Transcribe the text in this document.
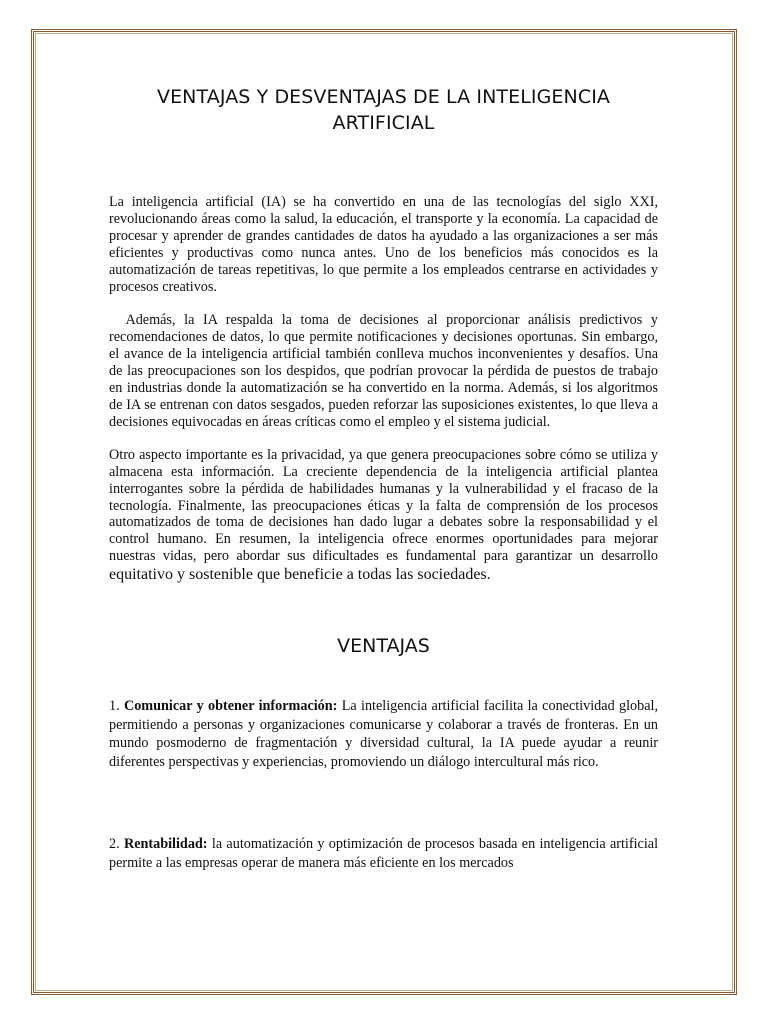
VENTAJAS Y DESVENTAJAS DE LA INTELIGENCIA
ARTIFICIAL

La inteligencia artificial (IA) se ha convertido en una de las tecnologías del siglo XXI, revolucionando áreas como la salud, la educación, el transporte y la economía. La capacidad de procesar y aprender de grandes cantidades de datos ha ayudado a las organizaciones a ser más eficientes y productivas como nunca antes. Uno de los beneficios más conocidos es la automatización de tareas repetitivas, lo que permite a los empleados centrarse en actividades y procesos creativos.

Además, la IA respalda la toma de decisiones al proporcionar análisis predictivos y recomendaciones de datos, lo que permite notificaciones y decisiones oportunas. Sin embargo, el avance de la inteligencia artificial también conlleva muchos inconvenientes y desafíos. Una de las preocupaciones son los despidos, que podrían provocar la pérdida de puestos de trabajo en industrias donde la automatización se ha convertido en la norma. Además, si los algoritmos de IA se entrenan con datos sesgados, pueden reforzar las suposiciones existentes, lo que lleva a decisiones equivocadas en áreas críticas como el empleo y el sistema judicial.

Otro aspecto importante es la privacidad, ya que genera preocupaciones sobre cómo se utiliza y almacena esta información. La creciente dependencia de la inteligencia artificial plantea interrogantes sobre la pérdida de habilidades humanas y la vulnerabilidad y el fracaso de la tecnología. Finalmente, las preocupaciones éticas y la falta de comprensión de los procesos automatizados de toma de decisiones han dado lugar a debates sobre la responsabilidad y el control humano. En resumen, la inteligencia ofrece enormes oportunidades para mejorar nuestras vidas, pero abordar sus dificultades es fundamental para garantizar un desarrollo equitativo y sostenible que beneficie a todas las sociedades.

VENTAJAS

1. Comunicar y obtener información: La inteligencia artificial facilita la conectividad global, permitiendo a personas y organizaciones comunicarse y colaborar a través de fronteras. En un mundo posmoderno de fragmentación y diversidad cultural, la IA puede ayudar a reunir diferentes perspectivas y experiencias, promoviendo un diálogo intercultural más rico.

2. Rentabilidad: la automatización y optimización de procesos basada en inteligencia artificial permite a las empresas operar de manera más eficiente en los mercados
